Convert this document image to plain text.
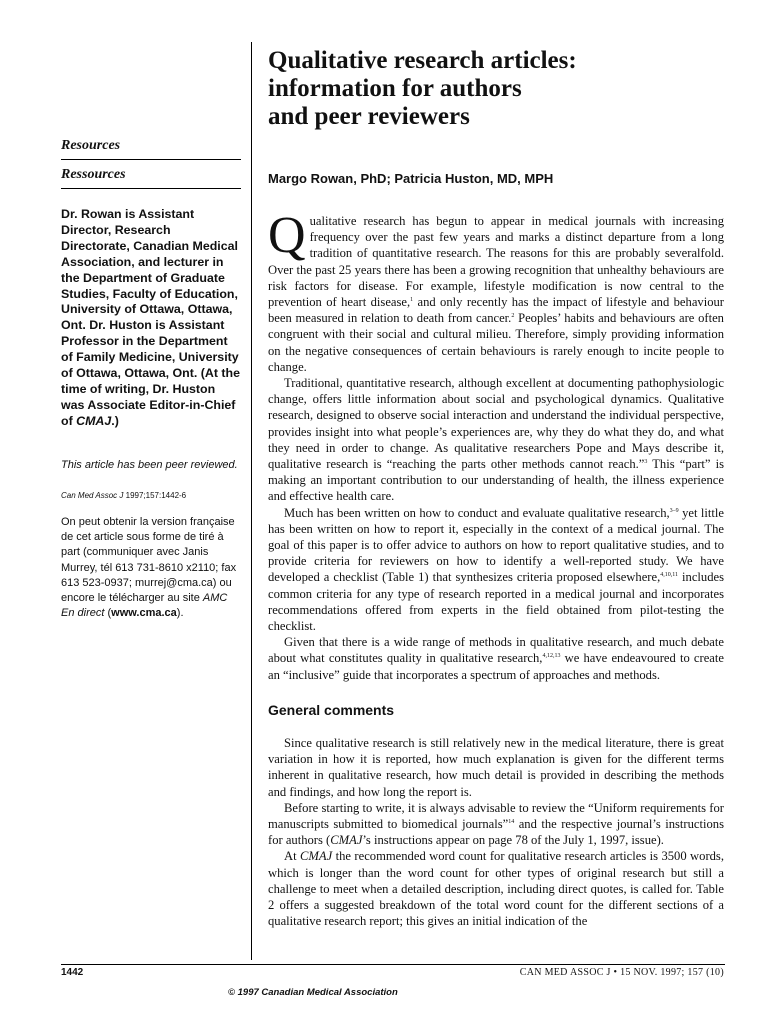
Resources
Ressources
Dr. Rowan is Assistant Director, Research Directorate, Canadian Medical Association, and lecturer in the Department of Graduate Studies, Faculty of Education, University of Ottawa, Ottawa, Ont. Dr. Huston is Assistant Professor in the Department of Family Medicine, University of Ottawa, Ottawa, Ont. (At the time of writing, Dr. Huston was Associate Editor-in-Chief of CMAJ.)
This article has been peer reviewed.
Can Med Assoc J 1997;157:1442-6
On peut obtenir la version française de cet article sous forme de tiré à part (communiquer avec Janis Murrey, tél 613 731-8610 x2110; fax 613 523-0937; murrej@cma.ca) ou encore le télécharger au site AMC En direct (www.cma.ca).
Qualitative research articles:
information for authors
and peer reviewers
Margo Rowan, PhD; Patricia Huston, MD, MPH

Qualitative research has begun to appear in medical journals with increasing frequency over the past few years and marks a distinct departure from a long tradition of quantitative research. The reasons for this are probably severalfold. Over the past 25 years there has been a growing recognition that unhealthy behaviours are risk factors for disease. For example, lifestyle modification is now central to the prevention of heart disease,$^1$ and only recently has the impact of lifestyle and behaviour been measured in relation to death from cancer.$^2$ Peoples’ habits and behaviours are often congruent with their social and cultural milieu. Therefore, simply providing information on the negative consequences of certain behaviours is rarely enough to incite people to change.

Traditional, quantitative research, although excellent at documenting pathophysiologic change, offers little information about social and psychological dynamics. Qualitative research, designed to observe social interaction and understand the individual perspective, provides insight into what people’s experiences are, why they do what they do, and what they need in order to change. As qualitative researchers Pope and Mays describe it, qualitative research is “reaching the parts other methods cannot reach.”$^3$ This “part” is making an important contribution to our understanding of health, the illness experience and effective health care.

Much has been written on how to conduct and evaluate qualitative research,$^{3-9}$ yet little has been written on how to report it, especially in the context of a medical journal. The goal of this paper is to offer advice to authors on how to report qualitative studies, and to provide criteria for reviewers on how to identify a well-reported study. We have developed a checklist (Table 1) that synthesizes criteria proposed elsewhere,$^{4,10,11}$ includes common criteria for any type of research reported in a medical journal and incorporates recommendations offered from experts in the field obtained from pilot-testing the checklist.

Given that there is a wide range of methods in qualitative research, and much debate about what constitutes quality in qualitative research,$^{4,12,13}$ we have endeavoured to create an “inclusive” guide that incorporates a spectrum of approaches and methods.

General comments

Since qualitative research is still relatively new in the medical literature, there is great variation in how it is reported, how much explanation is given for the different terms inherent in qualitative research, how much detail is provided in describing the methods and findings, and how long the report is.

Before starting to write, it is always advisable to review the “Uniform requirements for manuscripts submitted to biomedical journals”$^{14}$ and the respective journal’s instructions for authors (CMAJ’s instructions appear on page 78 of the July 1, 1997, issue).

At CMAJ the recommended word count for qualitative research articles is 3500 words, which is longer than the word count for other types of original research but still a challenge to meet when a detailed description, including direct quotes, is called for. Table 2 offers a suggested breakdown of the total word count for the different sections of a qualitative research report; this gives an initial indication of the

1442	CAN MED ASSOC J • 15 NOV. 1997; 157 (10)
© 1997 Canadian Medical Association
